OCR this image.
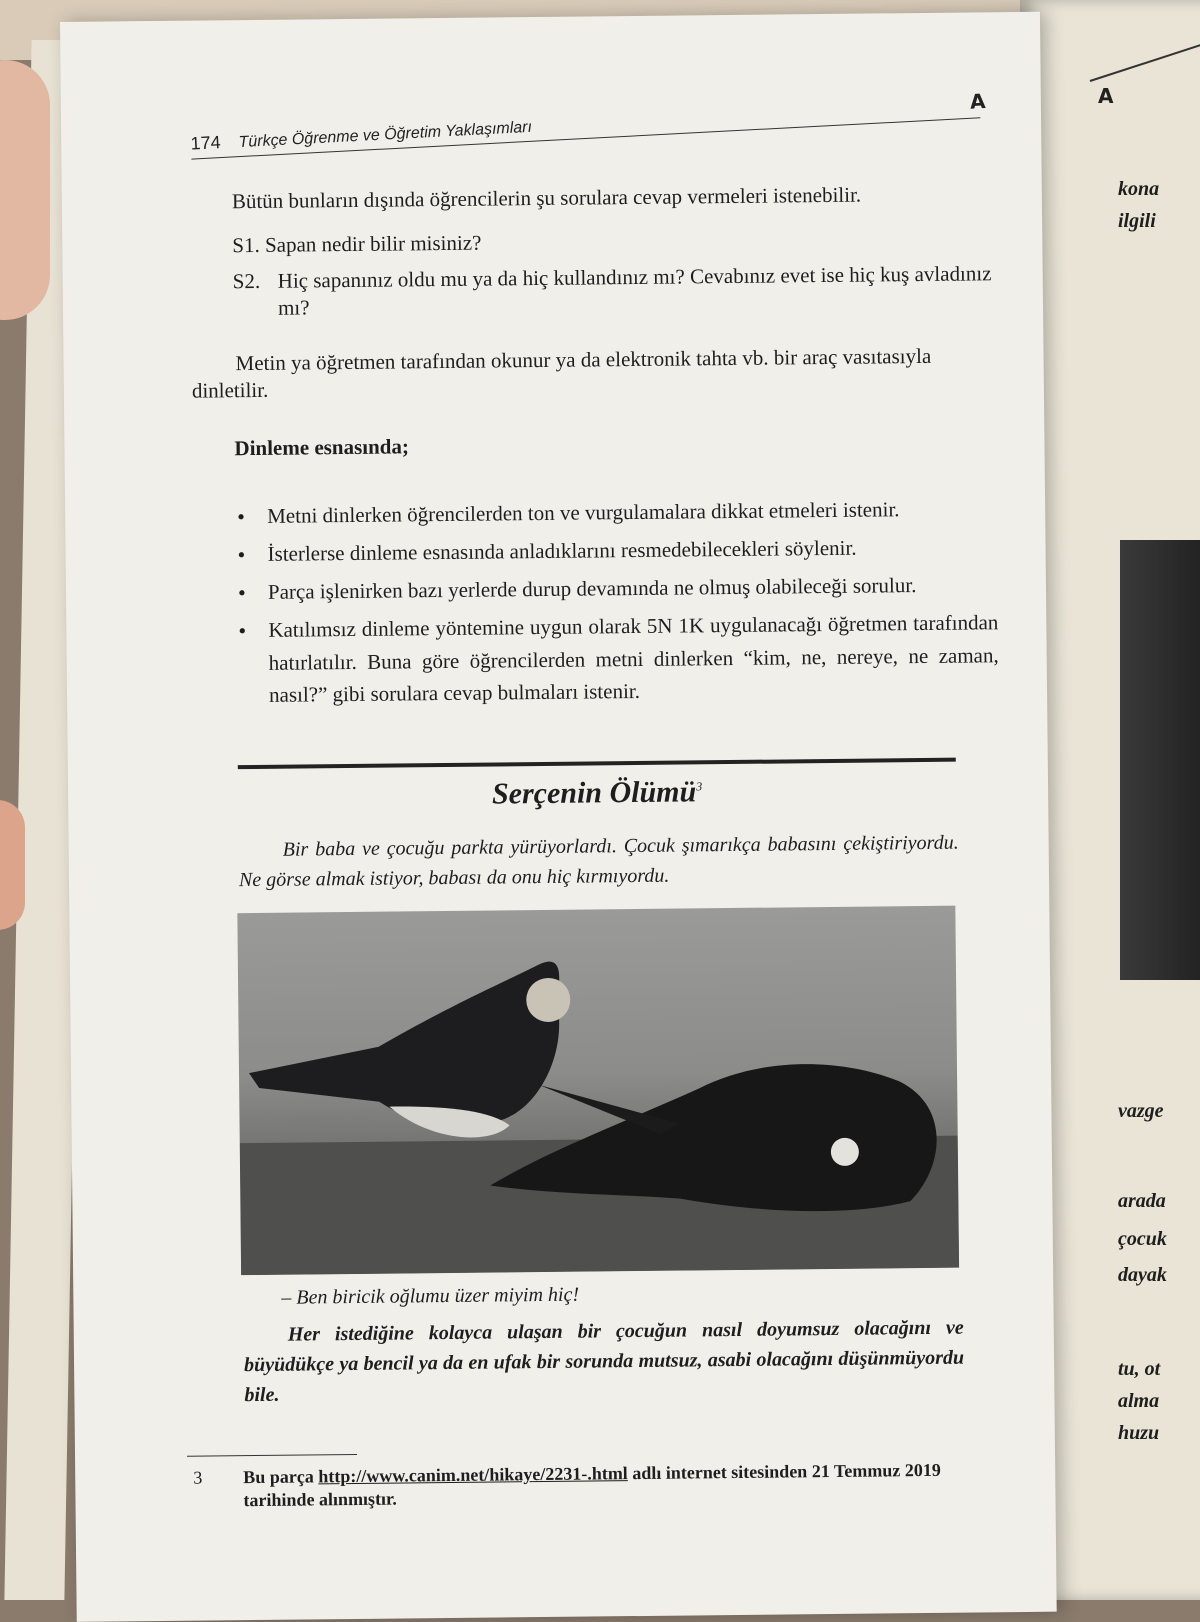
A
kona
ilgili
vazge
arada
çocuk
dayak
tu, ot
alma
huzu
174 Türkçe Öğrenme ve Öğretim Yaklaşımları
A
Bütün bunların dışında öğrencilerin şu sorulara cevap vermeleri istenebilir.
S1. Sapan nedir bilir misiniz?
S2. Hiç sapanınız oldu mu ya da hiç kullandınız mı? Cevabınız evet ise hiç kuş avladınız mı?
Metin ya öğretmen tarafından okunur ya da elektronik tahta vb. bir araç vasıtasıyla dinletilir.
Dinleme esnasında;
•	Metni dinlerken öğrencilerden ton ve vurgulamalara dikkat etmeleri istenir.
•	İsterlerse dinleme esnasında anladıklarını resmedebilecekleri söylenir.
•	Parça işlenirken bazı yerlerde durup devamında ne olmuş olabileceği sorulur.
•	Katılımsız dinleme yöntemine uygun olarak 5N 1K uygulanacağı öğretmen tarafından hatırlatılır. Buna göre öğrencilerden metni dinlerken “kim, ne, nereye, ne zaman, nasıl?” gibi sorulara cevap bulmaları istenir.
Serçenin Ölümü$^3$
Bir baba ve çocuğu parkta yürüyorlardı. Çocuk şımarıkça babasını çekiştiriyordu. Ne görse almak istiyor, babası da onu hiç kırmıyordu.
– Ben biricik oğlumu üzer miyim hiç!
Her istediğine kolayca ulaşan bir çocuğun nasıl doyumsuz olacağını ve büyüdükçe ya bencil ya da en ufak bir sorunda mutsuz, asabi olacağını düşünmüyordu bile.
3 Bu parça http://www.canim.net/hikaye/2231-.html adlı internet sitesinden 21 Temmuz 2019 tarihinde alınmıştır.
